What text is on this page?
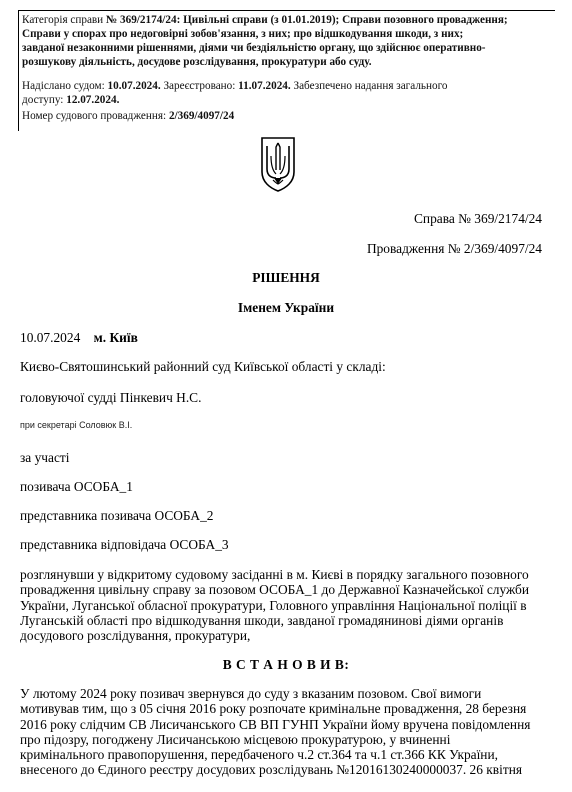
Категорія справи № 369/2174/24: Цивільні справи (з 01.01.2019); Справи позовного провадження;
Справи у спорах про недоговірні зобов'язання, з них; про відшкодування шкоди, з них;
завданої незаконними рішеннями, діями чи бездіяльністю органу, що здійснює оперативно-
розшукову діяльність, досудове розслідування, прокуратури або суду.
Надіслано судом: 10.07.2024. Зареєстровано: 11.07.2024. Забезпечено надання загального
доступу: 12.07.2024.
Номер судового провадження: 2/369/4097/24
Справа № 369/2174/24
Провадження № 2/369/4097/24
РІШЕННЯ
Іменем України
10.07.2024 м. Київ
Києво-Святошинський районний суд Київської області у складі:
головуючої судді Пінкевич Н.С.
при секретарі Соловюк В.І.
за участі
позивача ОСОБА_1
представника позивача ОСОБА_2
представника відповідача ОСОБА_3
розглянувши у відкритому судовому засіданні в м. Києві в порядку загального позовного
провадження цивільну справу за позовом ОСОБА_1 до Державної Казначейської служби
України, Луганської обласної прокуратури, Головного управління Національної поліції в
Луганській області про відшкодування шкоди, завданої громадянинові діями органів
досудового розслідування, прокуратури,
В С Т А Н О В И В:
У лютому 2024 року позивач звернувся до суду з вказаним позовом. Свої вимоги
мотивував тим, що з 05 січня 2016 року розпочате кримінальне провадження, 28 березня
2016 року слідчим СВ Лисичанського СВ ВП ГУНП України йому вручена повідомлення
про підозру, погоджену Лисичанською місцевою прокуратурою, у вчиненні
кримінального правопорушення, передбаченого ч.2 ст.364 та ч.1 ст.366 КК України,
внесеного до Єдиного реєстру досудових розслідувань №12016130240000037. 26 квітня
